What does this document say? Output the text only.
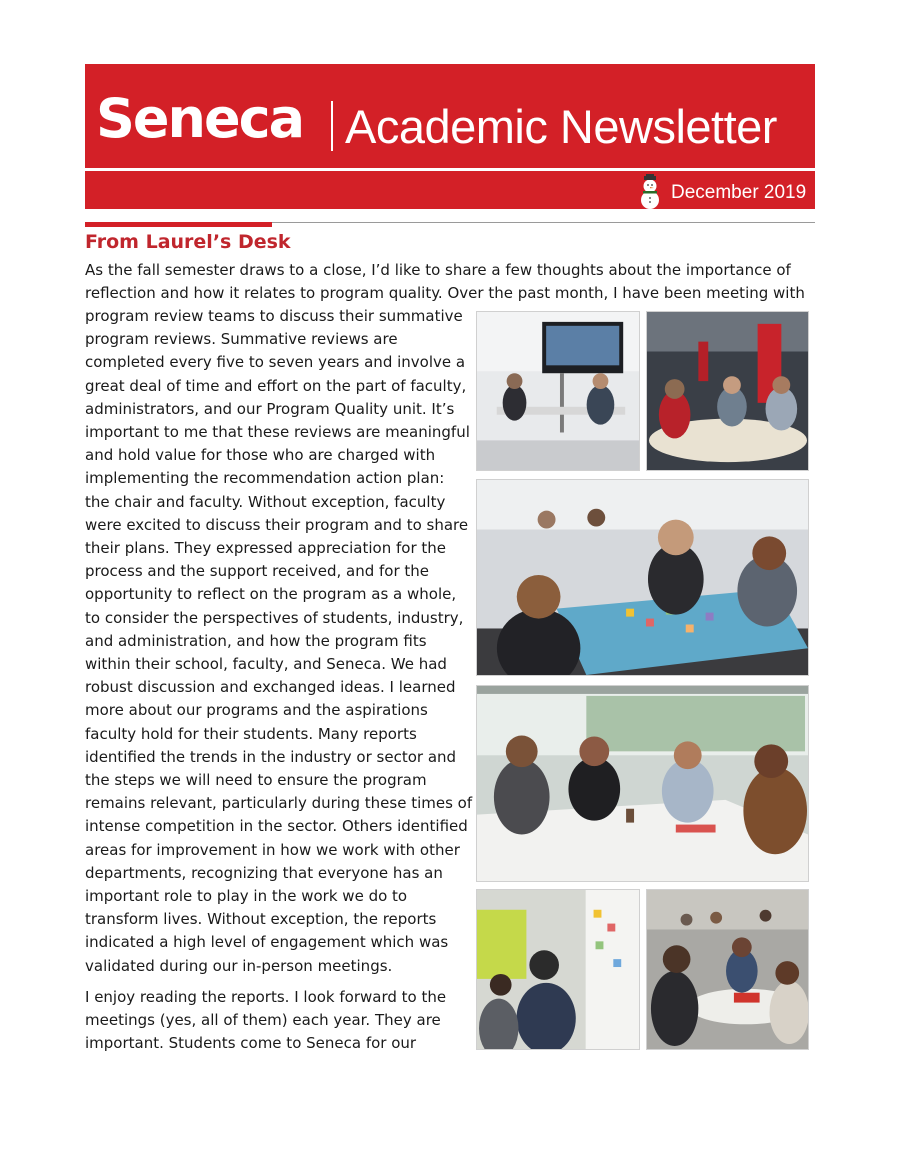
Seneca Academic Newsletter
December 2019
From Laurel’s Desk

As the fall semester draws to a close, I’d like to share a few thoughts about the importance of
reflection and how it relates to program quality. Over the past month, I have been meeting with

program review teams to discuss their summative
program reviews. Summative reviews are
completed every five to seven years and involve a
great deal of time and effort on the part of faculty,
administrators, and our Program Quality unit. It’s
important to me that these reviews are meaningful
and hold value for those who are charged with
implementing the recommendation action plan:
the chair and faculty. Without exception, faculty
were excited to discuss their program and to share
their plans. They expressed appreciation for the
process and the support received, and for the
opportunity to reflect on the program as a whole,
to consider the perspectives of students, industry,
and administration, and how the program fits
within their school, faculty, and Seneca. We had
robust discussion and exchanged ideas. I learned
more about our programs and the aspirations
faculty hold for their students. Many reports
identified the trends in the industry or sector and
the steps we will need to ensure the program
remains relevant, particularly during these times of
intense competition in the sector. Others identified
areas for improvement in how we work with other
departments, recognizing that everyone has an
important role to play in the work we do to
transform lives. Without exception, the reports
indicated a high level of engagement which was
validated during our in-person meetings.

I enjoy reading the reports. I look forward to the
meetings (yes, all of them) each year. They are
important. Students come to Seneca for our
